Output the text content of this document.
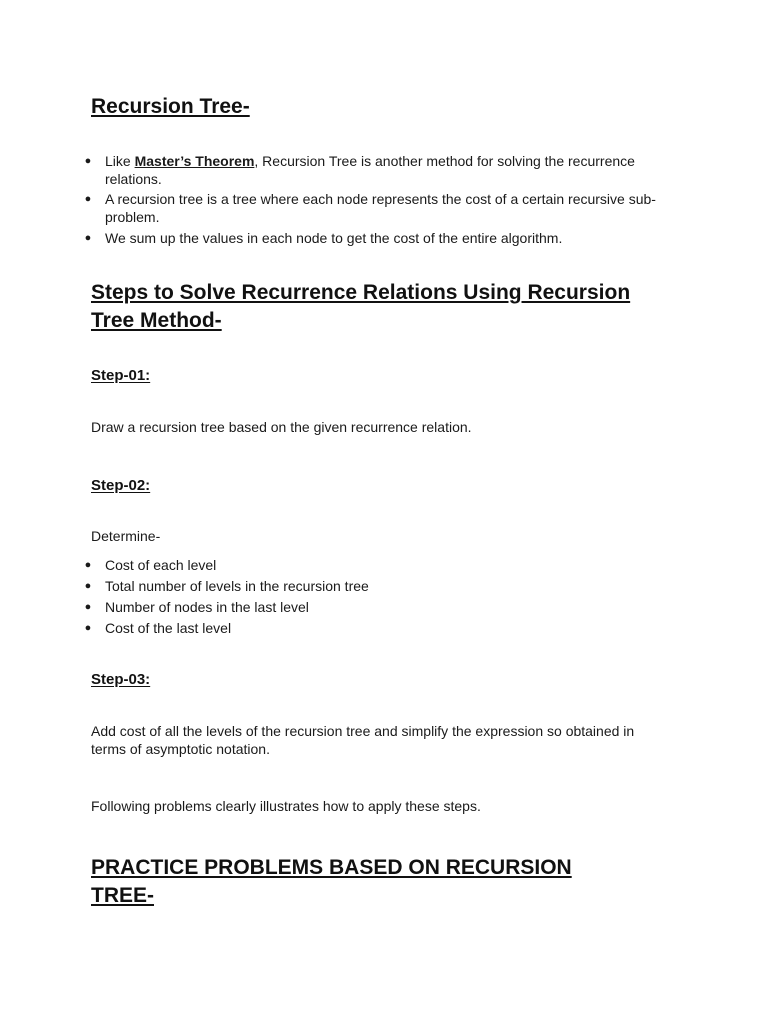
Recursion Tree-
● Like Master’s Theorem, Recursion Tree is another method for solving the recurrence relations.
● A recursion tree is a tree where each node represents the cost of a certain recursive sub-problem.
● We sum up the values in each node to get the cost of the entire algorithm.
Steps to Solve Recurrence Relations Using Recursion
Tree Method-
Step-01:

Draw a recursion tree based on the given recurrence relation.

Step-02:

Determine-

● Cost of each level
● Total number of levels in the recursion tree
● Number of nodes in the last level
● Cost of the last level
Step-03:

Add cost of all the levels of the recursion tree and simplify the expression so obtained in terms of asymptotic notation.

Following problems clearly illustrates how to apply these steps.

PRACTICE PROBLEMS BASED ON RECURSION
TREE-
